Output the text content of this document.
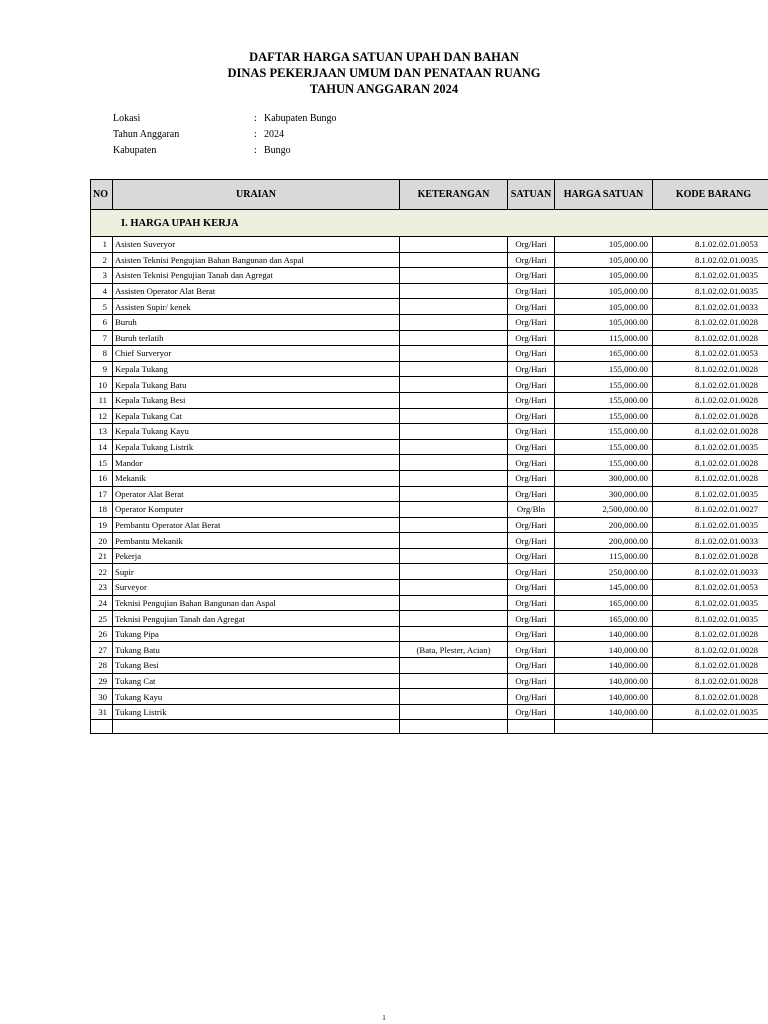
DAFTAR HARGA SATUAN UPAH DAN BAHAN
DINAS PEKERJAAN UMUM DAN PENATAAN RUANG
TAHUN ANGGARAN 2024
Lokasi	: Kabupaten Bungo
Tahun Anggaran	: 2024
Kabupaten	: Bungo
NO	URAIAN	KETERANGAN	SATUAN	HARGA SATUAN	KODE BARANG
I. HARGA UPAH KERJA					
1	Asisten Suveryor		Org/Hari	105,000.00	8.1.02.02.01.0053
2	Asisten Teknisi Pengujian Bahan Bangunan dan Aspal		Org/Hari	105,000.00	8.1.02.02.01.0035
3	Asisten Teknisi Pengujian Tanah dan Agregat		Org/Hari	105,000.00	8.1.02.02.01.0035
4	Assisten Operator Alat Berat		Org/Hari	105,000.00	8.1.02.02.01.0035
5	Assisten Supir/ kenek		Org/Hari	105,000.00	8.1.02.02.01.0033
6	Buruh		Org/Hari	105,000.00	8.1.02.02.01.0028
7	Buruh terlatih		Org/Hari	115,000.00	8.1.02.02.01.0028
8	Chief Surveryor		Org/Hari	165,000.00	8.1.02.02.01.0053
9	Kepala Tukang		Org/Hari	155,000.00	8.1.02.02.01.0028
10	Kepala Tukang Batu		Org/Hari	155,000.00	8.1.02.02.01.0028
11	Kepala Tukang Besi		Org/Hari	155,000.00	8.1.02.02.01.0028
12	Kepala Tukang Cat		Org/Hari	155,000.00	8.1.02.02.01.0028
13	Kepala Tukang Kayu		Org/Hari	155,000.00	8.1.02.02.01.0028
14	Kepala Tukang Listrik		Org/Hari	155,000.00	8.1.02.02.01.0035
15	Mandor		Org/Hari	155,000.00	8.1.02.02.01.0028
16	Mekanik		Org/Hari	300,000.00	8.1.02.02.01.0028
17	Operator Alat Berat		Org/Hari	300,000.00	8.1.02.02.01.0035
18	Operator Komputer		Org/Bln	2,500,000.00	8.1.02.02.01.0027
19	Pembantu Operator Alat Berat		Org/Hari	200,000.00	8.1.02.02.01.0035
20	Pembantu Mekanik		Org/Hari	200,000.00	8.1.02.02.01.0033
21	Pekerja		Org/Hari	115,000.00	8.1.02.02.01.0028
22	Supir		Org/Hari	250,000.00	8.1.02.02.01.0033
23	Surveyor		Org/Hari	145,000.00	8.1.02.02.01.0053
24	Teknisi Pengujian Bahan Bangunan dan Aspal		Org/Hari	165,000.00	8.1.02.02.01.0035
25	Teknisi Pengujian Tanah dan Agregat		Org/Hari	165,000.00	8.1.02.02.01.0035
26	Tukang Pipa		Org/Hari	140,000.00	8.1.02.02.01.0028
27	Tukang Batu	(Bata, Plester, Acian)	Org/Hari	140,000.00	8.1.02.02.01.0028
28	Tukang Besi		Org/Hari	140,000.00	8.1.02.02.01.0028
29	Tukang Cat		Org/Hari	140,000.00	8.1.02.02.01.0028
30	Tukang Kayu		Org/Hari	140,000.00	8.1.02.02.01.0028
31	Tukang Listrik		Org/Hari	140,000.00	8.1.02.02.01.0035

1
